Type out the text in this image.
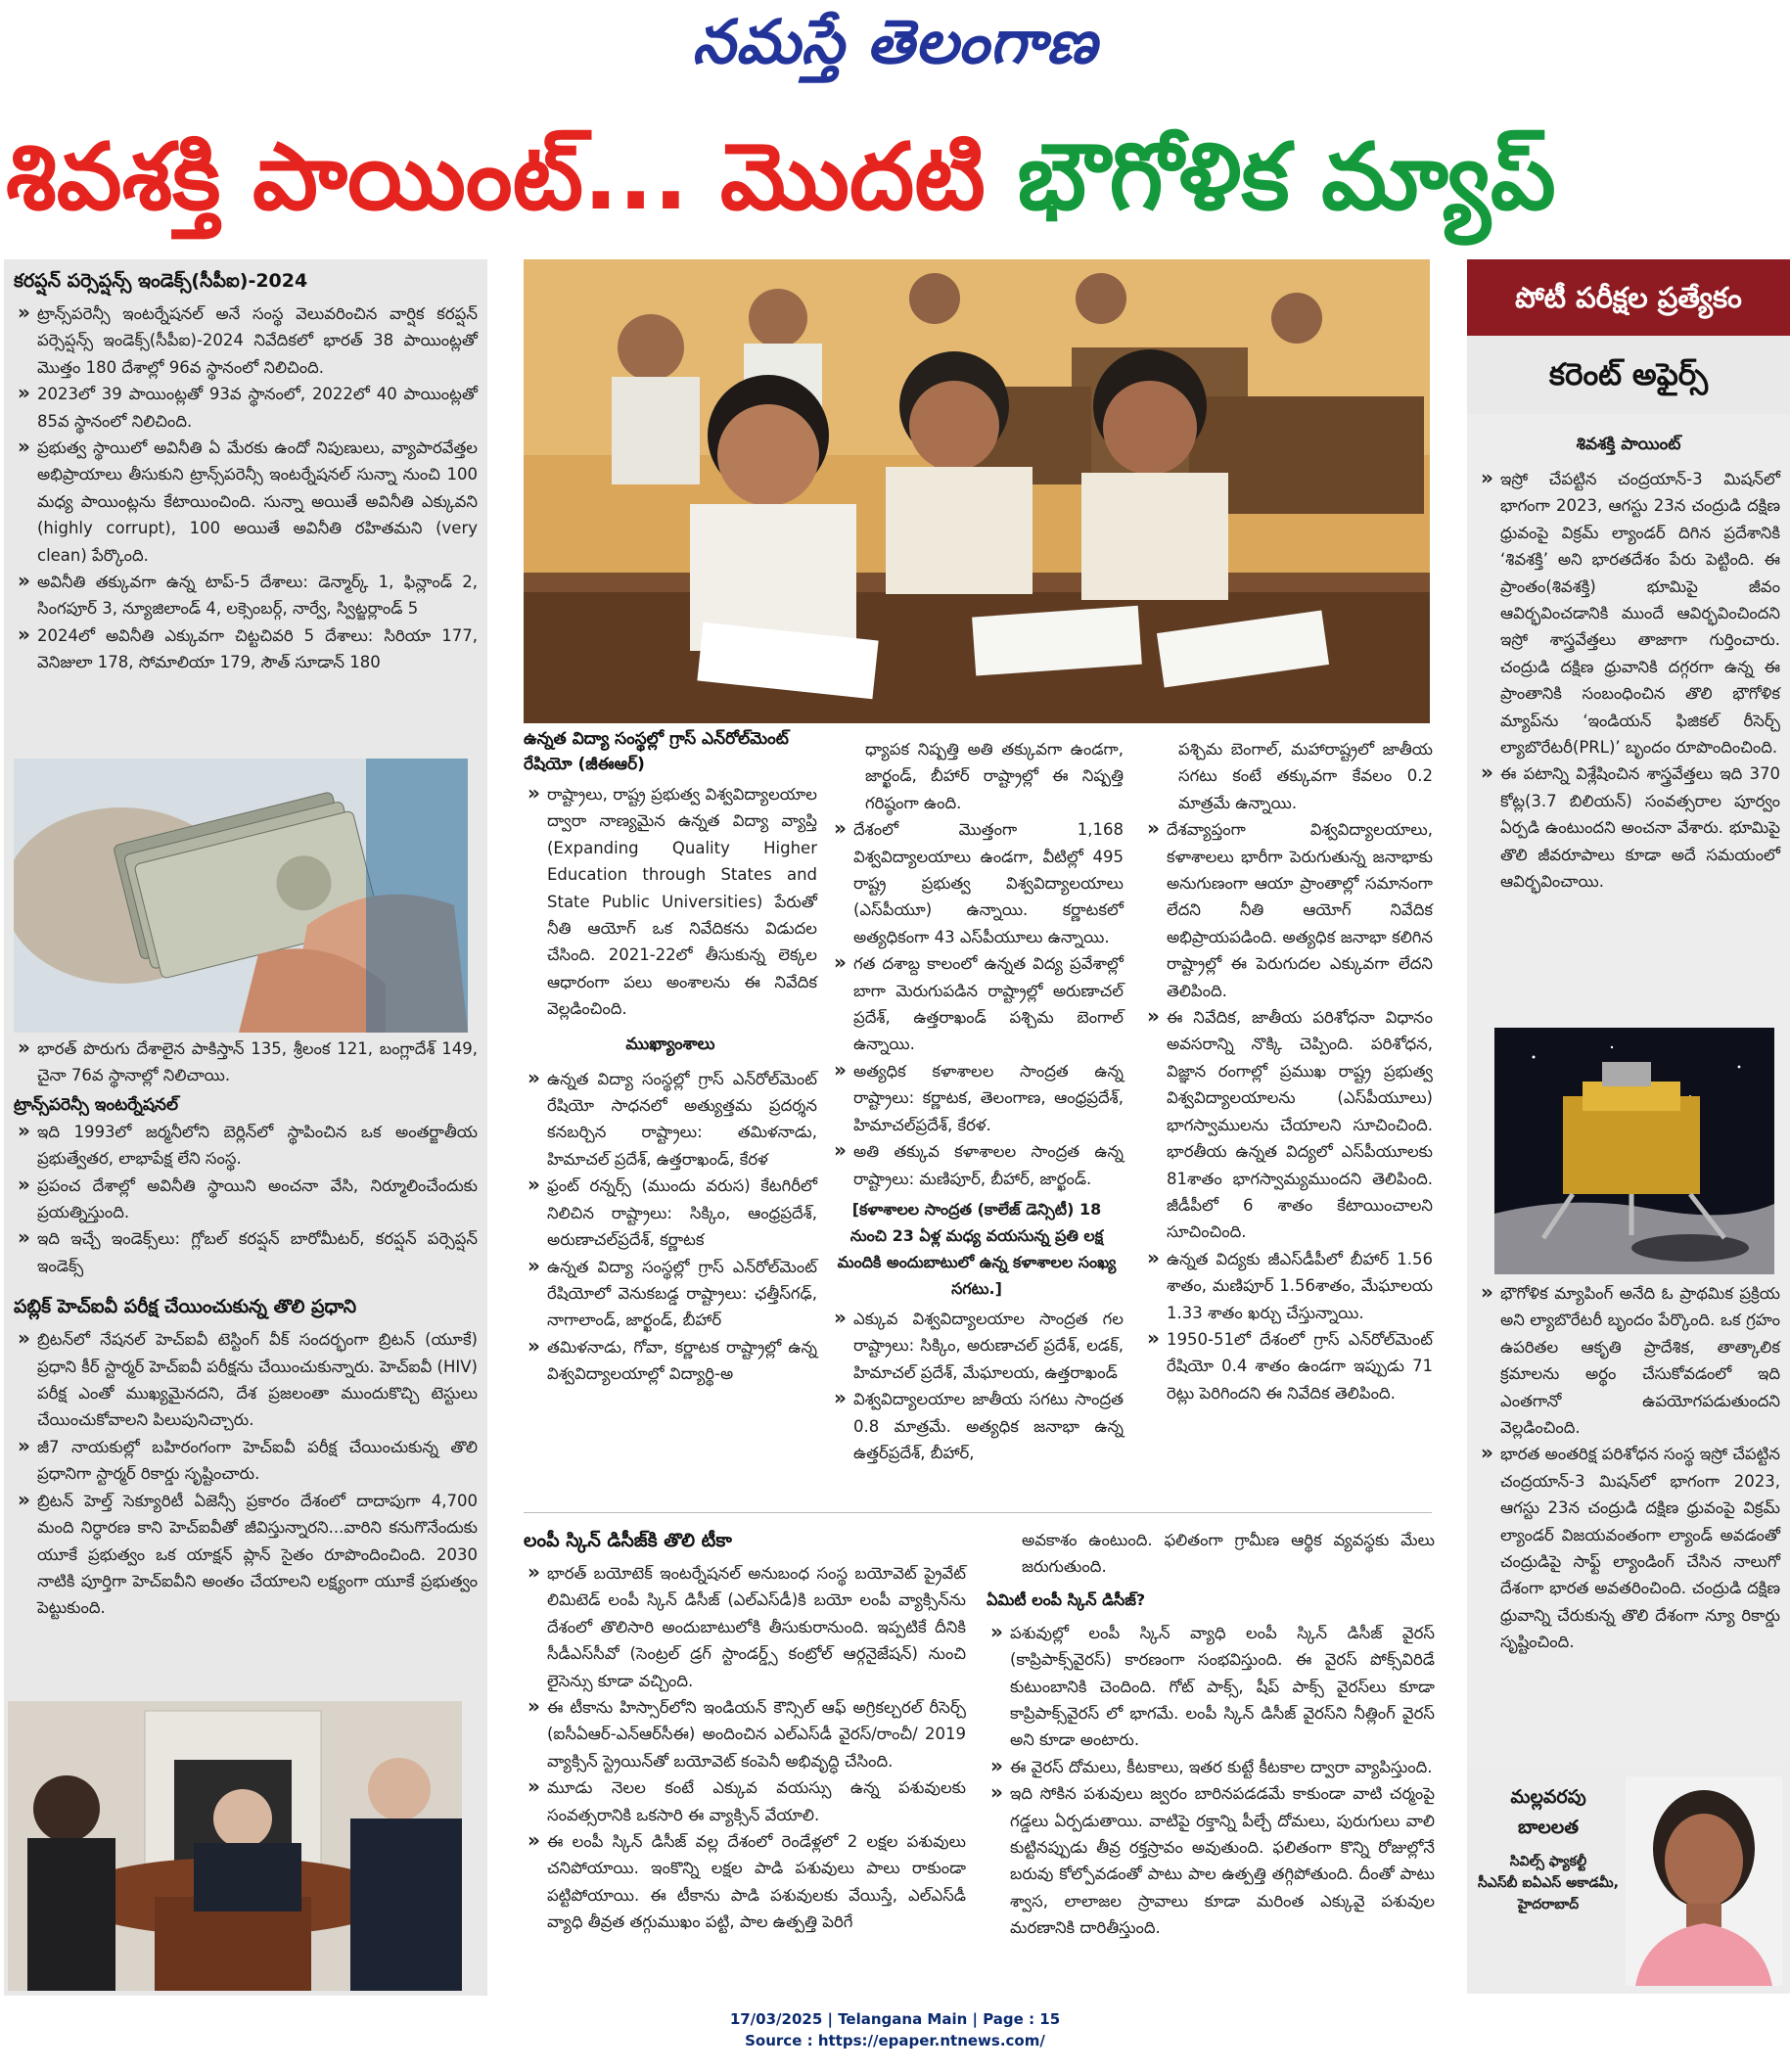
నమస్తే తెలంగాణ
శివశక్తి పాయింట్... మొదటి భౌగోళిక మ్యాప్
కరప్షన్ పర్సెప్షన్స్ ఇండెక్స్(సీపీఐ)-2024
» ట్రాన్స్‌పరెన్సీ ఇంటర్నేషనల్ అనే సంస్థ వెలువరించిన వార్షిక కరప్షన్ పర్సెప్షన్స్ ఇండెక్స్(సీపీఐ)-2024 నివేదికలో భారత్ 38 పాయింట్లతో మొత్తం 180 దేశాల్లో 96వ స్థానంలో నిలిచింది.
» 2023లో 39 పాయింట్లతో 93వ స్థానంలో, 2022లో 40 పాయింట్లతో 85వ స్థానంలో నిలిచింది.
» ప్రభుత్వ స్థాయిలో అవినీతి ఏ మేరకు ఉందో నిపుణులు, వ్యాపారవేత్తల అభిప్రాయాలు తీసుకుని ట్రాన్స్‌పరెన్సీ ఇంటర్నేషనల్ సున్నా నుంచి 100 మధ్య పాయింట్లను కేటాయించింది. సున్నా అయితే అవినీతి ఎక్కువని (highly corrupt), 100 అయితే అవినీతి రహితమని (very clean) పేర్కొంది.
» అవినీతి తక్కువగా ఉన్న టాప్-5 దేశాలు: డెన్మార్క్ 1, ఫిన్లాండ్ 2, సింగపూర్ 3, న్యూజిలాండ్ 4, లక్సెంబర్గ్, నార్వే, స్విట్జర్లాండ్ 5
» 2024లో అవినీతి ఎక్కువగా చిట్టచివరి 5 దేశాలు: సిరియా 177, వెనిజులా 178, సోమాలియా 179, సౌత్ సూడాన్ 180
» భారత్ పొరుగు దేశాలైన పాకిస్తాన్ 135, శ్రీలంక 121, బంగ్లాదేశ్ 149, చైనా 76వ స్థానాల్లో నిలిచాయి.
ట్రాన్స్‌పరెన్సీ ఇంటర్నేషనల్
» ఇది 1993లో జర్మనీలోని బెర్లిన్‌లో స్థాపించిన ఒక అంతర్జాతీయ ప్రభుత్వేతర, లాభాపేక్ష లేని సంస్థ.
» ప్రపంచ దేశాల్లో అవినీతి స్థాయిని అంచనా వేసి, నిర్మూలించేందుకు ప్రయత్నిస్తుంది.
» ఇది ఇచ్చే ఇండెక్స్‌లు: గ్లోబల్ కరప్షన్ బారోమీటర్, కరప్షన్ పర్సెప్షన్ ఇండెక్స్
పబ్లిక్‌ హెచ్‌ఐవీ పరీక్ష చేయించుకున్న తొలి ప్రధాని
» బ్రిటన్‌లో నేషనల్ హెచ్‌ఐవీ టెస్టింగ్ వీక్ సందర్భంగా బ్రిటన్ (యూకే) ప్రధాని కీర్ స్టార్మర్ హెచ్‌ఐవీ పరీక్షను చేయించుకున్నారు. హెచ్‌ఐవీ (HIV) పరీక్ష ఎంతో ముఖ్యమైనదని, దేశ ప్రజలంతా ముందుకొచ్చి టెస్టులు చేయించుకోవాలని పిలుపునిచ్చారు.
» జీ7 నాయకుల్లో బహిరంగంగా హెచ్‌ఐవీ పరీక్ష చేయించుకున్న తొలి ప్రధానిగా స్టార్మర్ రికార్డు సృష్టించారు.
» బ్రిటన్ హెల్త్ సెక్యూరిటీ ఏజెన్సీ ప్రకారం దేశంలో దాదాపుగా 4,700 మంది నిర్ధారణ కాని హెచ్‌ఐవీతో జీవిస్తున్నారని...వారిని కనుగొనేందుకు యూకే ప్రభుత్వం ఒక యాక్షన్ ప్లాన్ సైతం రూపొందించింది. 2030 నాటికి పూర్తిగా హెచ్‌ఐవీని అంతం చేయాలని లక్ష్యంగా యూకే ప్రభుత్వం పెట్టుకుంది.
ఉన్నత విద్యా సంస్థల్లో గ్రాస్ ఎన్‌రోల్‌మెంట్ రేషియో (జీఈఆర్)
» రాష్ట్రాలు, రాష్ట్ర ప్రభుత్వ విశ్వవిద్యాలయాల ద్వారా నాణ్యమైన ఉన్నత విద్యా వ్యాప్తి (Expanding Quality Higher Education through States and State Public Universities) పేరుతో నీతి ఆయోగ్ ఒక నివేదికను విడుదల చేసింది. 2021-22లో తీసుకున్న లెక్కల ఆధారంగా పలు అంశాలను ఈ నివేదిక వెల్లడించింది.
ముఖ్యాంశాలు
» ఉన్నత విద్యా సంస్థల్లో గ్రాస్ ఎన్‌రోల్‌మెంట్ రేషియో సాధనలో అత్యుత్తమ ప్రదర్శన కనబర్చిన రాష్ట్రాలు: తమిళనాడు, హిమాచల్ ప్రదేశ్, ఉత్తరాఖండ్, కేరళ
» ఫ్రంట్ రన్నర్స్ (ముందు వరుస) కేటగిరీలో నిలిచిన రాష్ట్రాలు: సిక్కిం, ఆంధ్రప్రదేశ్, అరుణాచల్‌ప్రదేశ్, కర్ణాటక
» ఉన్నత విద్యా సంస్థల్లో గ్రాస్ ఎన్‌రోల్‌మెంట్ రేషియోలో వెనుకబడ్డ రాష్ట్రాలు: ఛత్తీస్‌గఢ్, నాగాలాండ్, జార్ఖండ్, బీహార్
» తమిళనాడు, గోవా, కర్ణాటక రాష్ట్రాల్లో ఉన్న విశ్వవిద్యాలయాల్లో విద్యార్థి-అ
ధ్యాపక నిష్పత్తి అతి తక్కువగా ఉండగా, జార్ఖండ్, బీహార్ రాష్ట్రాల్లో ఈ నిష్పత్తి గరిష్ఠంగా ఉంది.
» దేశంలో మొత్తంగా 1,168 విశ్వవిద్యాలయాలు ఉండగా, వీటిల్లో 495 రాష్ట్ర ప్రభుత్వ విశ్వవిద్యాలయాలు (ఎస్‌పీయూ) ఉన్నాయి. కర్ణాటకలో అత్యధికంగా 43 ఎస్‌పీయూలు ఉన్నాయి.
» గత దశాబ్ద కాలంలో ఉన్నత విద్య ప్రవేశాల్లో బాగా మెరుగుపడిన రాష్ట్రాల్లో అరుణాచల్ ప్రదేశ్, ఉత్తరాఖండ్ పశ్చిమ బెంగాల్ ఉన్నాయి.
» అత్యధిక కళాశాలల సాంద్రత ఉన్న రాష్ట్రాలు: కర్ణాటక, తెలంగాణ, ఆంధ్రప్రదేశ్, హిమాచల్‌ప్రదేశ్, కేరళ.
» అతి తక్కువ కళాశాలల సాంద్రత ఉన్న రాష్ట్రాలు: మణిపూర్, బీహార్, జార్ఖండ్.
[కళాశాలల సాంద్రత (కాలేజ్ డెన్సిటీ) 18 నుంచి 23 ఏళ్ల మధ్య వయసున్న ప్రతి లక్ష మందికి అందుబాటులో ఉన్న కళాశాలల సంఖ్య సగటు.]
» ఎక్కువ విశ్వవిద్యాలయాల సాంద్రత గల రాష్ట్రాలు: సిక్కిం, అరుణాచల్ ప్రదేశ్, లడక్, హిమాచల్ ప్రదేశ్, మేఘాలయ, ఉత్తరాఖండ్
» విశ్వవిద్యాలయాల జాతీయ సగటు సాంద్రత 0.8 మాత్రమే. అత్యధిక జనాభా ఉన్న ఉత్తర్‌ప్రదేశ్, బీహార్,
పశ్చిమ బెంగాల్, మహారాష్ట్రలో జాతీయ సగటు కంటే తక్కువగా కేవలం 0.2 మాత్రమే ఉన్నాయి.
» దేశవ్యాప్తంగా విశ్వవిద్యాలయాలు, కళాశాలలు భారీగా పెరుగుతున్న జనాభాకు అనుగుణంగా ఆయా ప్రాంతాల్లో సమానంగా లేదని నీతి ఆయోగ్ నివేదిక అభిప్రాయపడింది. అత్యధిక జనాభా కలిగిన రాష్ట్రాల్లో ఈ పెరుగుదల ఎక్కువగా లేదని తెలిపింది.
» ఈ నివేదిక, జాతీయ పరిశోధనా విధానం అవసరాన్ని నొక్కి చెప్పింది. పరిశోధన, విజ్ఞాన రంగాల్లో ప్రముఖ రాష్ట్ర ప్రభుత్వ విశ్వవిద్యాలయాలను (ఎస్‌పీయూలు) భాగస్వాములను చేయాలని సూచించింది. భారతీయ ఉన్నత విద్యలో ఎస్‌పీయూలకు 81శాతం భాగస్వామ్యముందని తెలిపింది. జీడీపీలో 6 శాతం కేటాయించాలని సూచించింది.
» ఉన్నత విద్యకు జీఎస్‌డీపీలో బీహార్ 1.56 శాతం, మణిపూర్ 1.56శాతం, మేఘాలయ 1.33 శాతం ఖర్చు చేస్తున్నాయి.
» 1950-51లో దేశంలో గ్రాస్ ఎన్‌రోల్‌మెంట్ రేషియో 0.4 శాతం ఉండగా ఇప్పుడు 71 రెట్లు పెరిగిందని ఈ నివేదిక తెలిపింది.
లంపీ స్కిన్ డిసీజ్‌కి తొలి టీకా
» భారత్ బయోటెక్ ఇంటర్నేషనల్ అనుబంధ సంస్థ బయోవెట్ ప్రైవేట్ లిమిటెడ్ లంపీ స్కిన్ డిసీజ్ (ఎల్ఎస్‌డీ)కి బయో లంపీ వ్యాక్సిన్‌ను దేశంలో తొలిసారి అందుబాటులోకి తీసుకురానుంది. ఇప్పటికే దీనికి సీడీఎస్‌సీవో (సెంట్రల్ డ్రగ్ స్టాండర్డ్స్ కంట్రోల్ ఆర్గనైజేషన్) నుంచి లైసెన్సు కూడా వచ్చింది.
» ఈ టీకాను హిస్సార్‌లోని ఇండియన్ కౌన్సిల్ ఆఫ్ అగ్రికల్చరల్ రీసెర్చ్ (ఐసీఏఆర్-ఎన్ఆర్‌సీఈ) అందించిన ఎల్ఎస్‌డీ వైరస్/రాంచీ/ 2019 వ్యాక్సిన్ స్ట్రెయిన్‌తో బయోవెట్ కంపెనీ అభివృద్ధి చేసింది.
» మూడు నెలల కంటే ఎక్కువ వయస్సు ఉన్న పశువులకు సంవత్సరానికి ఒకసారి ఈ వ్యాక్సిన్ వేయాలి.
» ఈ లంపీ స్కిన్ డిసీజ్ వల్ల దేశంలో రెండేళ్లలో 2 లక్షల పశువులు చనిపోయాయి. ఇంకొన్ని లక్షల పాడి పశువులు పాలు రాకుండా పట్టిపోయాయి. ఈ టీకాను పాడి పశువులకు వేయిస్తే, ఎల్ఎస్‌డీ వ్యాధి తీవ్రత తగ్గుముఖం పట్టి, పాల ఉత్పత్తి పెరిగే
అవకాశం ఉంటుంది. ఫలితంగా గ్రామీణ ఆర్థిక వ్యవస్థకు మేలు జరుగుతుంది.
ఏమిటీ లంపీ స్కిన్ డిసీజ్?
» పశువుల్లో లంపీ స్కిన్ వ్యాధి లంపీ స్కిన్ డిసీజ్ వైరస్ (కాప్రిపాక్స్‌వైరస్) కారణంగా సంభవిస్తుంది. ఈ వైరస్ పోక్స్‌విరిడే కుటుంబానికి చెందింది. గోట్ పాక్స్, షీప్ పాక్స్ వైరస్‌లు కూడా కాప్రిపాక్స్‌వైరస్ లో భాగమే. లంపీ స్కిన్ డిసీజ్ వైరస్‌ని నీత్లింగ్ వైరస్ అని కూడా అంటారు.
» ఈ వైరస్ దోమలు, కీటకాలు, ఇతర కుట్టే కీటకాల ద్వారా వ్యాపిస్తుంది.
» ఇది సోకిన పశువులు జ్వరం బారినపడడమే కాకుండా వాటి చర్మంపై గడ్డలు ఏర్పడుతాయి. వాటిపై రక్తాన్ని పీల్చే దోమలు, పురుగులు వాలి కుట్టినప్పుడు తీవ్ర రక్తస్రావం అవుతుంది. ఫలితంగా కొన్ని రోజుల్లోనే బరువు కోల్పోవడంతో పాటు పాల ఉత్పత్తి తగ్గిపోతుంది. దీంతో పాటు శ్వాస, లాలాజల స్రావాలు కూడా మరింత ఎక్కువై పశువుల మరణానికి దారితీస్తుంది.
పోటీ పరీక్షల ప్రత్యేకం
కరెంట్ అఫైర్స్
శివశక్తి పాయింట్
» ఇస్రో చేపట్టిన చంద్రయాన్-3 మిషన్‌లో భాగంగా 2023, ఆగస్టు 23న చంద్రుడి దక్షిణ ధ్రువంపై విక్రమ్ ల్యాండర్ దిగిన ప్రదేశానికి ‘శివశక్తి’ అని భారతదేశం పేరు పెట్టింది. ఈ ప్రాంతం(శివశక్తి) భూమిపై జీవం ఆవిర్భవించడానికి ముందే ఆవిర్భవించిందని ఇస్రో శాస్త్రవేత్తలు తాజాగా గుర్తించారు. చంద్రుడి దక్షిణ ధ్రువానికి దగ్గరగా ఉన్న ఈ ప్రాంతానికి సంబంధించిన తొలి భౌగోళిక మ్యాప్‌ను ‘ఇండియన్ ఫిజికల్ రీసెర్చ్ ల్యాబొరేటరీ(PRL)’ బృందం రూపొందించింది.
» ఈ పటాన్ని విశ్లేషించిన శాస్త్రవేత్తలు ఇది 370 కోట్ల(3.7 బిలియన్) సంవత్సరాల పూర్వం ఏర్పడి ఉంటుందని అంచనా వేశారు. భూమిపై తొలి జీవరూపాలు కూడా అదే సమయంలో ఆవిర్భవించాయి.
» భౌగోళిక మ్యాపింగ్ అనేది ఓ ప్రాథమిక ప్రక్రియ అని ల్యాబొరేటరీ బృందం పేర్కొంది. ఒక గ్రహం ఉపరితల ఆకృతి ప్రాదేశిక, తాత్కాలిక క్రమాలను అర్థం చేసుకోవడంలో ఇది ఎంతగానో ఉపయోగపడుతుందని వెల్లడించింది.
» భారత అంతరిక్ష పరిశోధన సంస్థ ఇస్రో చేపట్టిన చంద్రయాన్-3 మిషన్‌లో భాగంగా 2023, ఆగస్టు 23న చంద్రుడి దక్షిణ ధ్రువంపై విక్రమ్ ల్యాండర్ విజయవంతంగా ల్యాండ్ అవడంతో చంద్రుడిపై సాఫ్ట్ ల్యాండింగ్ చేసిన నాలుగో దేశంగా భారత అవతరించింది. చంద్రుడి దక్షిణ ధ్రువాన్ని చేరుకున్న తొలి దేశంగా న్యూ రికార్డు సృష్టించింది.
మల్లవరపు
బాలలత
సివిల్స్ ఫ్యాకల్టీ
సీఎస్‌బీ ఐఏఎస్ అకాడమీ,
హైదరాబాద్
17/03/2025 | Telangana Main | Page : 15
Source : https://epaper.ntnews.com/
